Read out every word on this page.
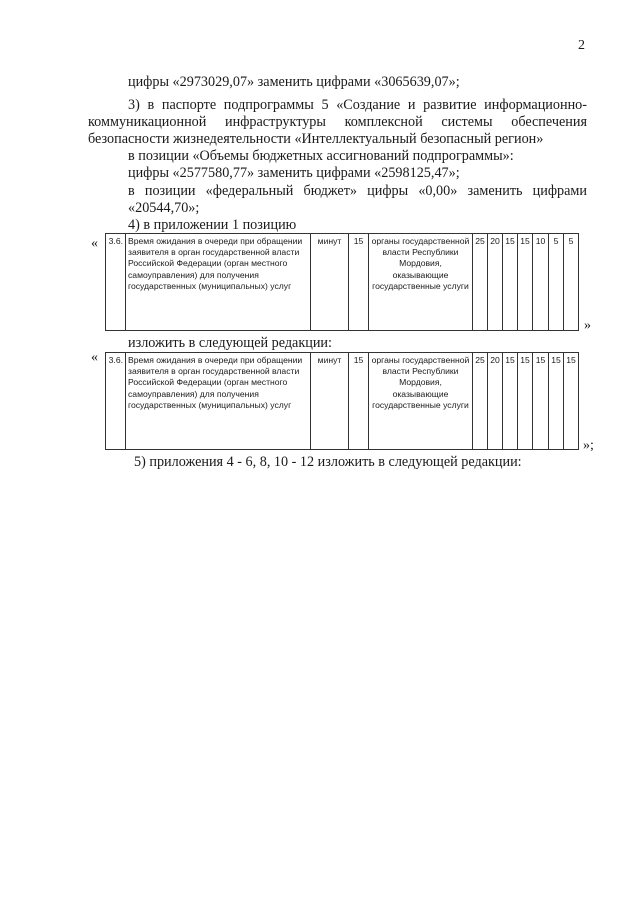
2
цифры «2973029,07» заменить цифрами «3065639,07»;
3) в паспорте подпрограммы 5 «Создание и развитие информационно-
коммуникационной инфраструктуры комплексной системы обеспечения
безопасности жизнедеятельности «Интеллектуальный безопасный регион»
в позиции «Объемы бюджетных ассигнований подпрограммы»:
цифры «2577580,77» заменить цифрами «2598125,47»;
в позиции «федеральный бюджет» цифры «0,00» заменить цифрами
«20544,70»;
4) в приложении 1 позицию
« 3.6.	Время ожидания в очереди при обращении заявителя в орган государственной власти Российской Федерации (орган местного самоуправления) для получения государственных (муниципальных) услуг	минут	15	органы государственной власти Республики Мордовия, оказывающие государственные услуги	25	20	15	15	10	5	5
»
изложить в следующей редакции:
« 3.6.	Время ожидания в очереди при обращении заявителя в орган государственной власти Российской Федерации (орган местного самоуправления) для получения государственных (муниципальных) услуг	минут	15	органы государственной власти Республики Мордовия, оказывающие государственные услуги	25	20	15	15	15	15	15
»;
5) приложения 4 - 6, 8, 10 - 12 изложить в следующей редакции:
